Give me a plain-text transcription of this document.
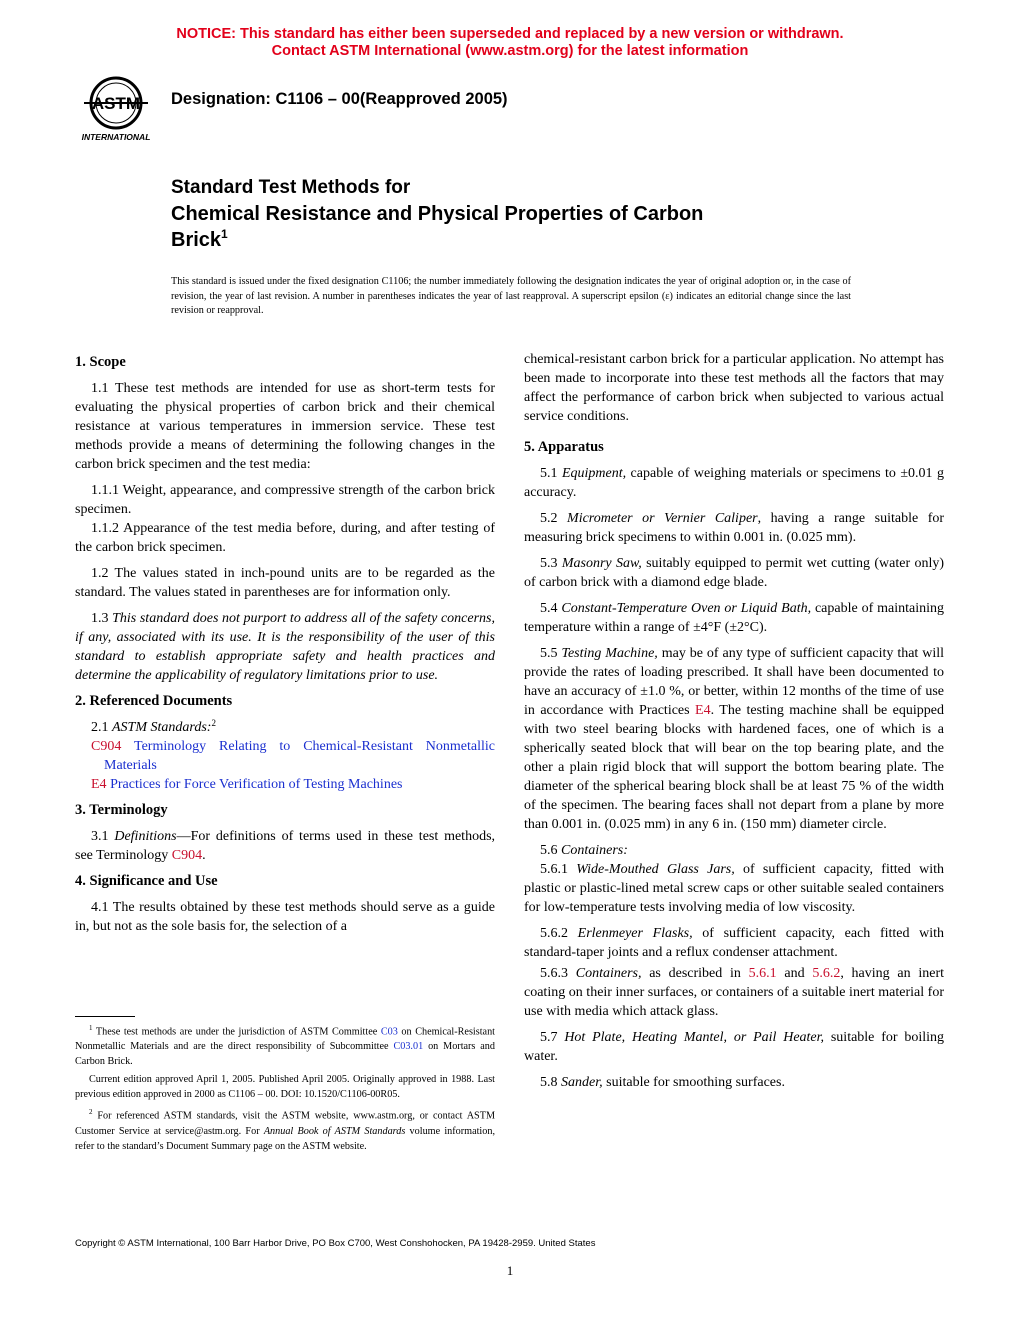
NOTICE: This standard has either been superseded and replaced by a new version or withdrawn.
Contact ASTM International (www.astm.org) for the latest information
ASTM
INTERNATIONAL
Designation: C1106 – 00(Reapproved 2005)
Standard Test Methods for
Chemical Resistance and Physical Properties of Carbon
Brick$^1$
This standard is issued under the fixed designation C1106; the number immediately following the designation indicates the year of original adoption or, in the case of revision, the year of last revision. A number in parentheses indicates the year of last reapproval. A superscript epsilon (ε) indicates an editorial change since the last revision or reapproval.
1. Scope

1.1 These test methods are intended for use as short-term tests for evaluating the physical properties of carbon brick and their chemical resistance at various temperatures in immersion service. These test methods provide a means of determining the following changes in the carbon brick specimen and the test media:

1.1.1 Weight, appearance, and compressive strength of the carbon brick specimen.

1.1.2 Appearance of the test media before, during, and after testing of the carbon brick specimen.

1.2 The values stated in inch-pound units are to be regarded as the standard. The values stated in parentheses are for information only.

1.3 This standard does not purport to address all of the safety concerns, if any, associated with its use. It is the responsibility of the user of this standard to establish appropriate safety and health practices and determine the applicability of regulatory limitations prior to use.

2. Referenced Documents

2.1 ASTM Standards:$^2$

C904 Terminology Relating to Chemical-Resistant Nonmetallic Materials

E4 Practices for Force Verification of Testing Machines

3. Terminology

3.1 Definitions—For definitions of terms used in these test methods, see Terminology C904.

4. Significance and Use

4.1 The results obtained by these test methods should serve as a guide in, but not as the sole basis for, the selection of a

$^1$ These test methods are under the jurisdiction of ASTM Committee C03 on Chemical-Resistant Nonmetallic Materials and are the direct responsibility of Subcommittee C03.01 on Mortars and Carbon Brick.

Current edition approved April 1, 2005. Published April 2005. Originally approved in 1988. Last previous edition approved in 2000 as C1106 – 00. DOI: 10.1520/C1106-00R05.

$^2$ For referenced ASTM standards, visit the ASTM website, www.astm.org, or contact ASTM Customer Service at service@astm.org. For Annual Book of ASTM Standards volume information, refer to the standard’s Document Summary page on the ASTM website.

chemical-resistant carbon brick for a particular application. No attempt has been made to incorporate into these test methods all the factors that may affect the performance of carbon brick when subjected to various actual service conditions.

5. Apparatus

5.1 Equipment, capable of weighing materials or specimens to ±0.01 g accuracy.

5.2 Micrometer or Vernier Caliper, having a range suitable for measuring brick specimens to within 0.001 in. (0.025 mm).

5.3 Masonry Saw, suitably equipped to permit wet cutting (water only) of carbon brick with a diamond edge blade.

5.4 Constant-Temperature Oven or Liquid Bath, capable of maintaining temperature within a range of ±4°F (±2°C).

5.5 Testing Machine, may be of any type of sufficient capacity that will provide the rates of loading prescribed. It shall have been documented to have an accuracy of ±1.0 %, or better, within 12 months of the time of use in accordance with Practices E4. The testing machine shall be equipped with two steel bearing blocks with hardened faces, one of which is a spherically seated block that will bear on the top bearing plate, and the other a plain rigid block that will support the bottom bearing plate. The diameter of the spherical bearing block shall be at least 75 % of the width of the specimen. The bearing faces shall not depart from a plane by more than 0.001 in. (0.025 mm) in any 6 in. (150 mm) diameter circle.

5.6 Containers:

5.6.1 Wide-Mouthed Glass Jars, of sufficient capacity, fitted with plastic or plastic-lined metal screw caps or other suitable sealed containers for low-temperature tests involving media of low viscosity.

5.6.2 Erlenmeyer Flasks, of sufficient capacity, each fitted with standard-taper joints and a reflux condenser attachment.

5.6.3 Containers, as described in 5.6.1 and 5.6.2, having an inert coating on their inner surfaces, or containers of a suitable inert material for use with media which attack glass.

5.7 Hot Plate, Heating Mantel, or Pail Heater, suitable for boiling water.

5.8 Sander, suitable for smoothing surfaces.

Copyright © ASTM International, 100 Barr Harbor Drive, PO Box C700, West Conshohocken, PA 19428-2959. United States
1
